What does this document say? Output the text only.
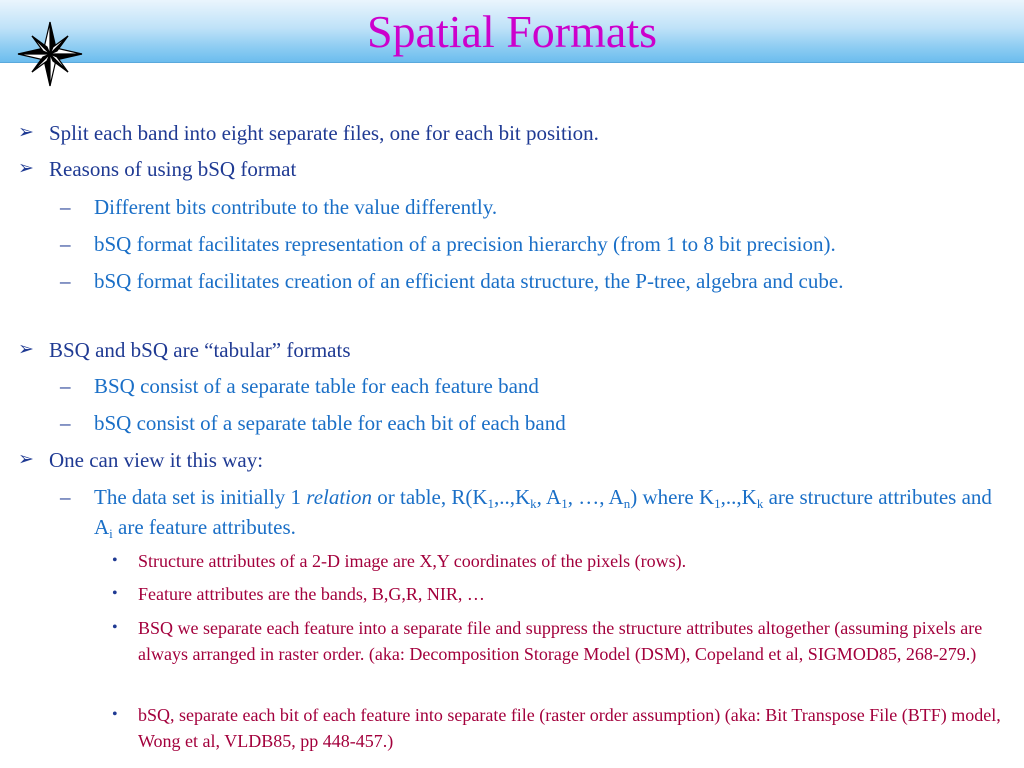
Spatial Formats
➢ Split each band into eight separate files, one for each bit position.
➢ Reasons of using bSQ format
– Different bits contribute to the value differently.
– bSQ format facilitates representation of a precision hierarchy (from 1 to 8 bit precision).
– bSQ format facilitates creation of an efficient data structure, the P-tree, algebra and cube.
➢ BSQ and bSQ are “tabular” formats
– BSQ consist of a separate table for each feature band
– bSQ consist of a separate table for each bit of each band
➢ One can view it this way:
– The data set is initially 1 relation or table, $R(K_1,..,K_k$, $A_1$, …, $A_n$) where $K_1,..,K_k$ are structure attributes and $A_i$ are feature attributes.
• Structure attributes of a 2-D image are X,Y coordinates of the pixels (rows).
• Feature attributes are the bands, B,G,R, NIR, …
• BSQ we separate each feature into a separate file and suppress the structure attributes altogether (assuming pixels are always arranged in raster order. (aka: Decomposition Storage Model (DSM), Copeland et al, SIGMOD85, 268-279.)
• bSQ, separate each bit of each feature into separate file (raster order assumption) (aka: Bit Transpose File (BTF) model, Wong et al, VLDB85, pp 448-457.)
